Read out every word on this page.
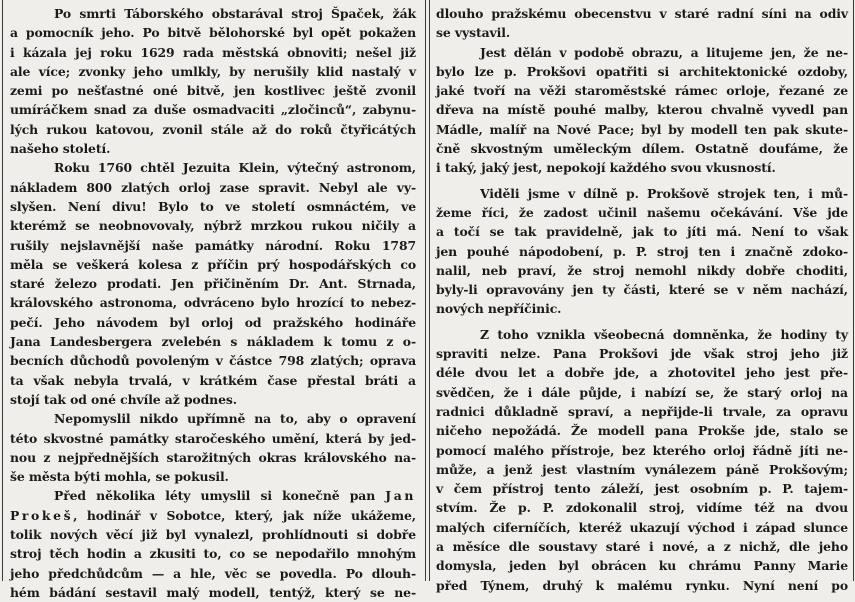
Po smrti Táborského obstarával stroj Špaček, žák
a pomocník jeho. Po bitvě bělohorské byl opět pokažen
i kázala jej roku 1629 rada městská obnoviti; nešel již
ale více; zvonky jeho umlkly, by nerušily klid nastalý v
zemi po nešťastné oné bitvě, jen kostlivec ještě zvonil
umíráčkem snad za duše osmadvaciti „zločinců“, zabynu-
lých rukou katovou, zvonil stále až do roků čtyřicátých
našeho století.
Roku 1760 chtěl Jezuita Klein, výtečný astronom,
nákladem 800 zlatých orloj zase spravit. Nebyl ale vy-
slyšen. Není divu! Bylo to ve století osmnáctém, ve
kterémž se neobnovovaly, nýbrž mrzkou rukou ničily a
rušily nejslavnější naše památky národní. Roku 1787
měla se veškerá kolesa z příčin prý hospodářských co
staré železo prodati. Jen přičiněním Dr. Ant. Strnada,
královského astronoma, odvráceno bylo hrozící to nebez-
pečí. Jeho návodem byl orloj od pražského hodináře
Jana Landesbergera zvelebén s nákladem k tomu z o-
becních důchodů povoleným v částce 798 zlatých; oprava
ta však nebyla trvalá, v krátkém čase přestal bráti a
stojí tak od oné chvíle až podnes.
Nepomyslil nikdo upřímně na to, aby o opravení
této skvostné památky staročeského umění, která by jed-
nou z nejpřednějších starožitných okras královského na-
še města býti mohla, se pokusil.
Před několika léty umyslil si konečně pan Jan
Prokeš, hodinář v Sobotce, který, jak níže ukážeme,
tolik nových věcí již byl vynalezl, prohlídnouti si dobře
stroj těch hodin a zkusiti to, co se nepodařilo mnohým
jeho předchůdcům — a hle, věc se povedla. Po dlouh-
hém bádání sestavil malý modell, tentýž, který se ne-
dlouho pražskému obecenstvu v staré radní síni na odiv
se vystavil.
Jest dělán v podobě obrazu, a litujeme jen, že ne-
bylo lze p. Prokšovi opatřiti si architektonické ozdoby,
jaké tvoří na věži staroměstské rámec orloje, řezané ze
dřeva na místě pouhé malby, kterou chvalně vyvedl pan
Mádle, malíř na Nové Pace; byl by modell ten pak skute-
čně skvostným uměleckým dílem. Ostatně doufáme, že
i taký, jaký jest, nepokojí každého svou vkusností.
Viděli jsme v dílně p. Prokšově strojek ten, i mů-
žeme říci, že zadost učinil našemu očekávání. Vše jde
a točí se tak pravidelně, jak to jíti má. Není to však
jen pouhé nápodobení, p. P. stroj ten i značně zdoko-
nalil, neb praví, že stroj nemohl nikdy dobře choditi,
byly-li opravovány jen ty části, které se v něm nachází,
nových nepříčinic.
Z toho vznikla všeobecná domněnka, že hodiny ty
spraviti nelze. Pana Prokšovi jde však stroj jeho již
déle dvou let a dobře jde, a zhotovitel jeho jest pře-
svědčen, že i dále půjde, i nabízí se, že starý orloj na
radnici důkladně spraví, a nepřijde-li trvale, za opravu
ničeho nepožádá. Že modell pana Prokše jde, stalo se
pomocí malého přístroje, bez kterého orloj řádně jíti ne-
může, a jenž jest vlastním vynálezem páně Prokšovým;
v čem přístroj tento záleží, jest osobním p. P. tajem-
stvím. Že p. P. zdokonalil stroj, vidíme též na dvou
malých ciferníčích, kteréž ukazují východ i západ slunce
a měsíce dle soustavy staré i nové, a z nichž, dle jeho
domysla, jeden byl obrácen ku chrámu Panny Marie
před Týnem, druhý k malému rynku. Nyní není po
